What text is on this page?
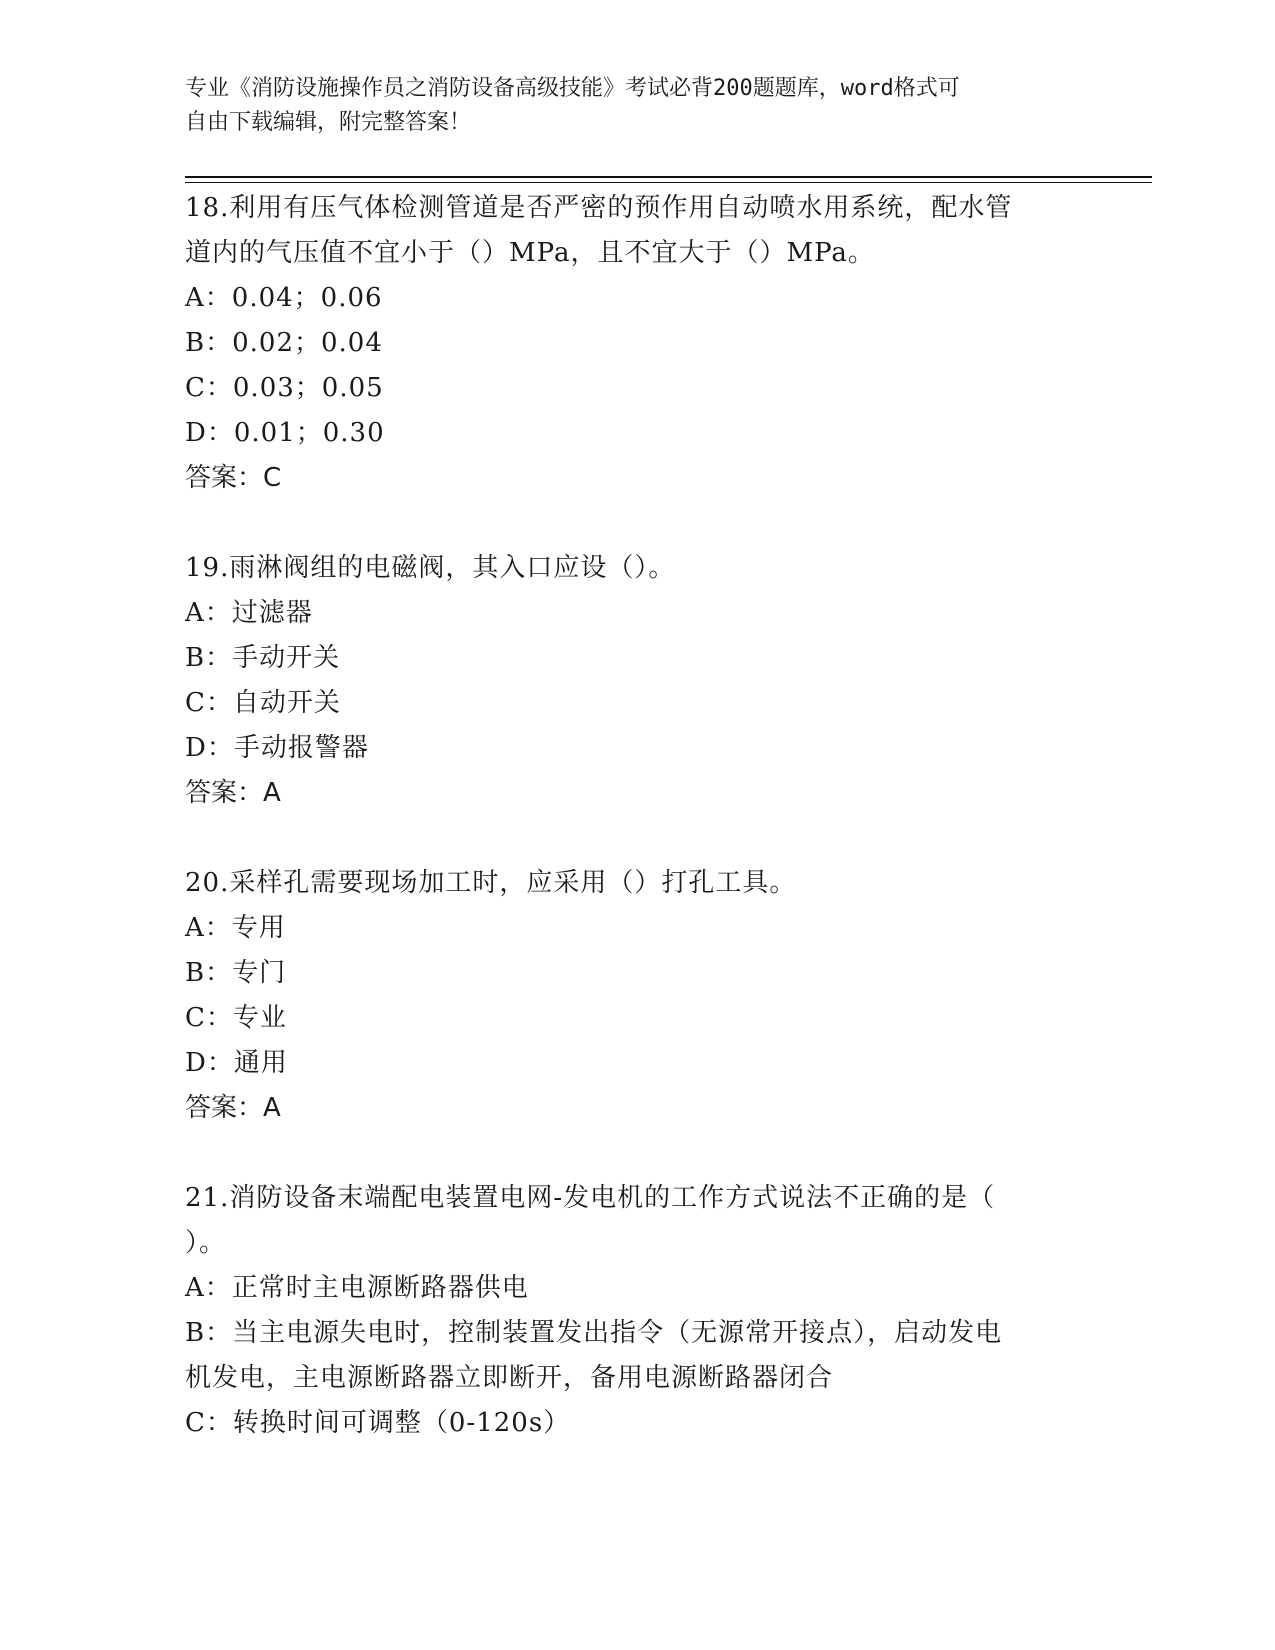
专业《消防设施操作员之消防设备高级技能》考试必背200题题库，word格式可
自由下载编辑，附完整答案！
18.利用有压气体检测管道是否严密的预作用自动喷水用系统，配水管
道内的气压值不宜小于（）MPa，且不宜大于（）MPa。
A：0.04；0.06
B：0.02；0.04
C：0.03；0.05
D：0.01；0.30
答案：C
19.雨淋阀组的电磁阀，其入口应设（）。
A：过滤器
B：手动开关
C：自动开关
D：手动报警器
答案：A
20.采样孔需要现场加工时，应采用（）打孔工具。
A：专用
B：专门
C：专业
D：通用
答案：A
21.消防设备末端配电装置电网-发电机的工作方式说法不正确的是（
）。
A：正常时主电源断路器供电
B：当主电源失电时，控制装置发出指令（无源常开接点），启动发电
机发电，主电源断路器立即断开，备用电源断路器闭合
C：转换时间可调整（0-120s）
